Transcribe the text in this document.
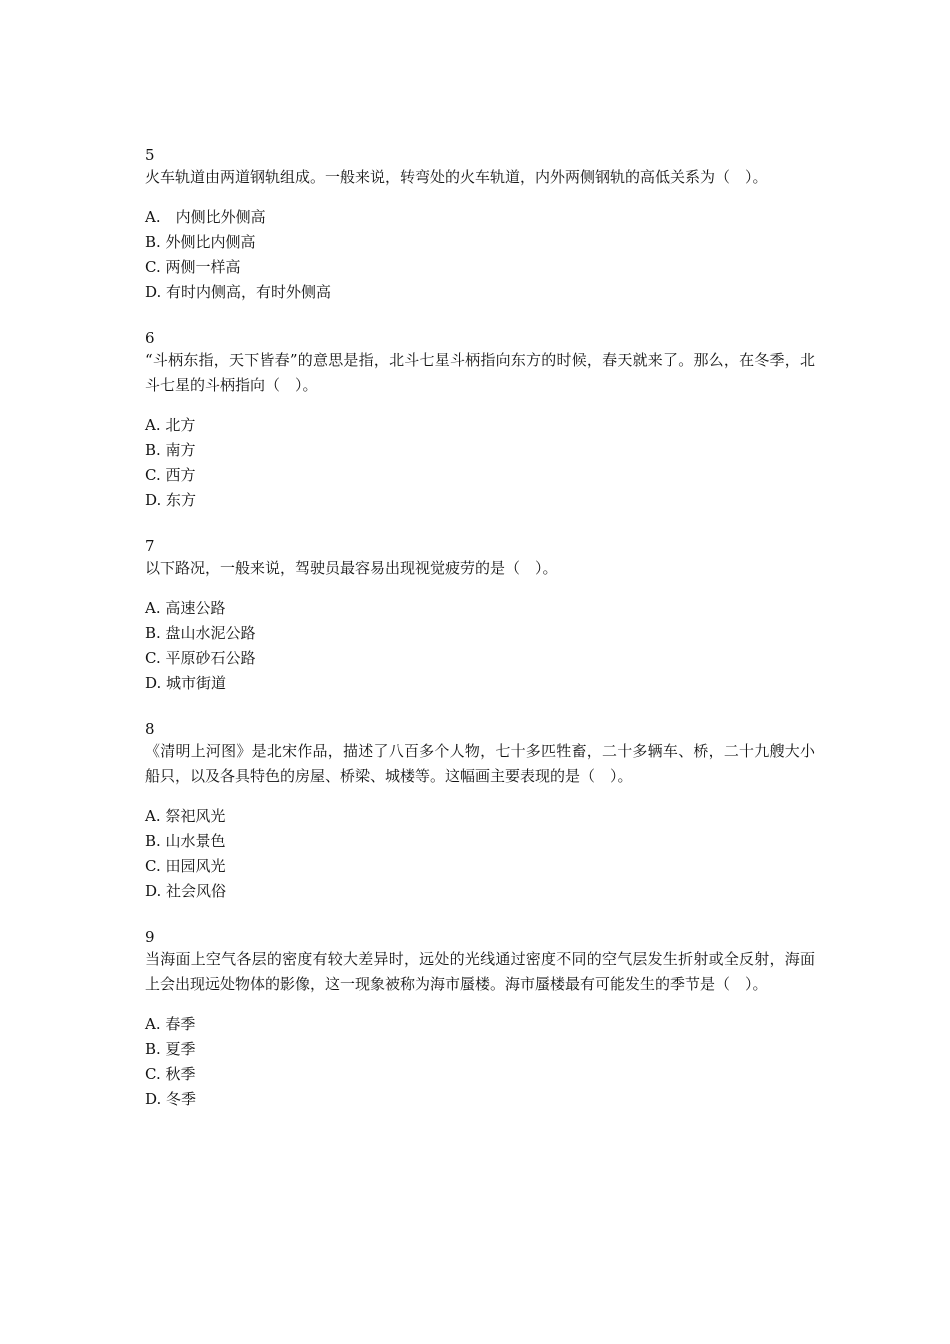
5
火车轨道由两道钢轨组成。一般来说，转弯处的火车轨道，内外两侧钢轨的高低关系为（　）。
A.　内侧比外侧高
B. 外侧比内侧高
C. 两侧一样高
D. 有时内侧高，有时外侧高
6
“斗柄东指，天下皆春”的意思是指，北斗七星斗柄指向东方的时候，春天就来了。那么，在冬季，北斗七星的斗柄指向（　）。
A. 北方
B. 南方
C. 西方
D. 东方
7
以下路况，一般来说，驾驶员最容易出现视觉疲劳的是（　）。
A. 高速公路
B. 盘山水泥公路
C. 平原砂石公路
D. 城市街道
8
《清明上河图》是北宋作品，描述了八百多个人物，七十多匹牲畜，二十多辆车、桥，二十九艘大小船只，以及各具特色的房屋、桥梁、城楼等。这幅画主要表现的是（　）。
A. 祭祀风光
B. 山水景色
C. 田园风光
D. 社会风俗
9
当海面上空气各层的密度有较大差异时，远处的光线通过密度不同的空气层发生折射或全反射，海面上会出现远处物体的影像，这一现象被称为海市蜃楼。海市蜃楼最有可能发生的季节是（　）。
A. 春季
B. 夏季
C. 秋季
D. 冬季
